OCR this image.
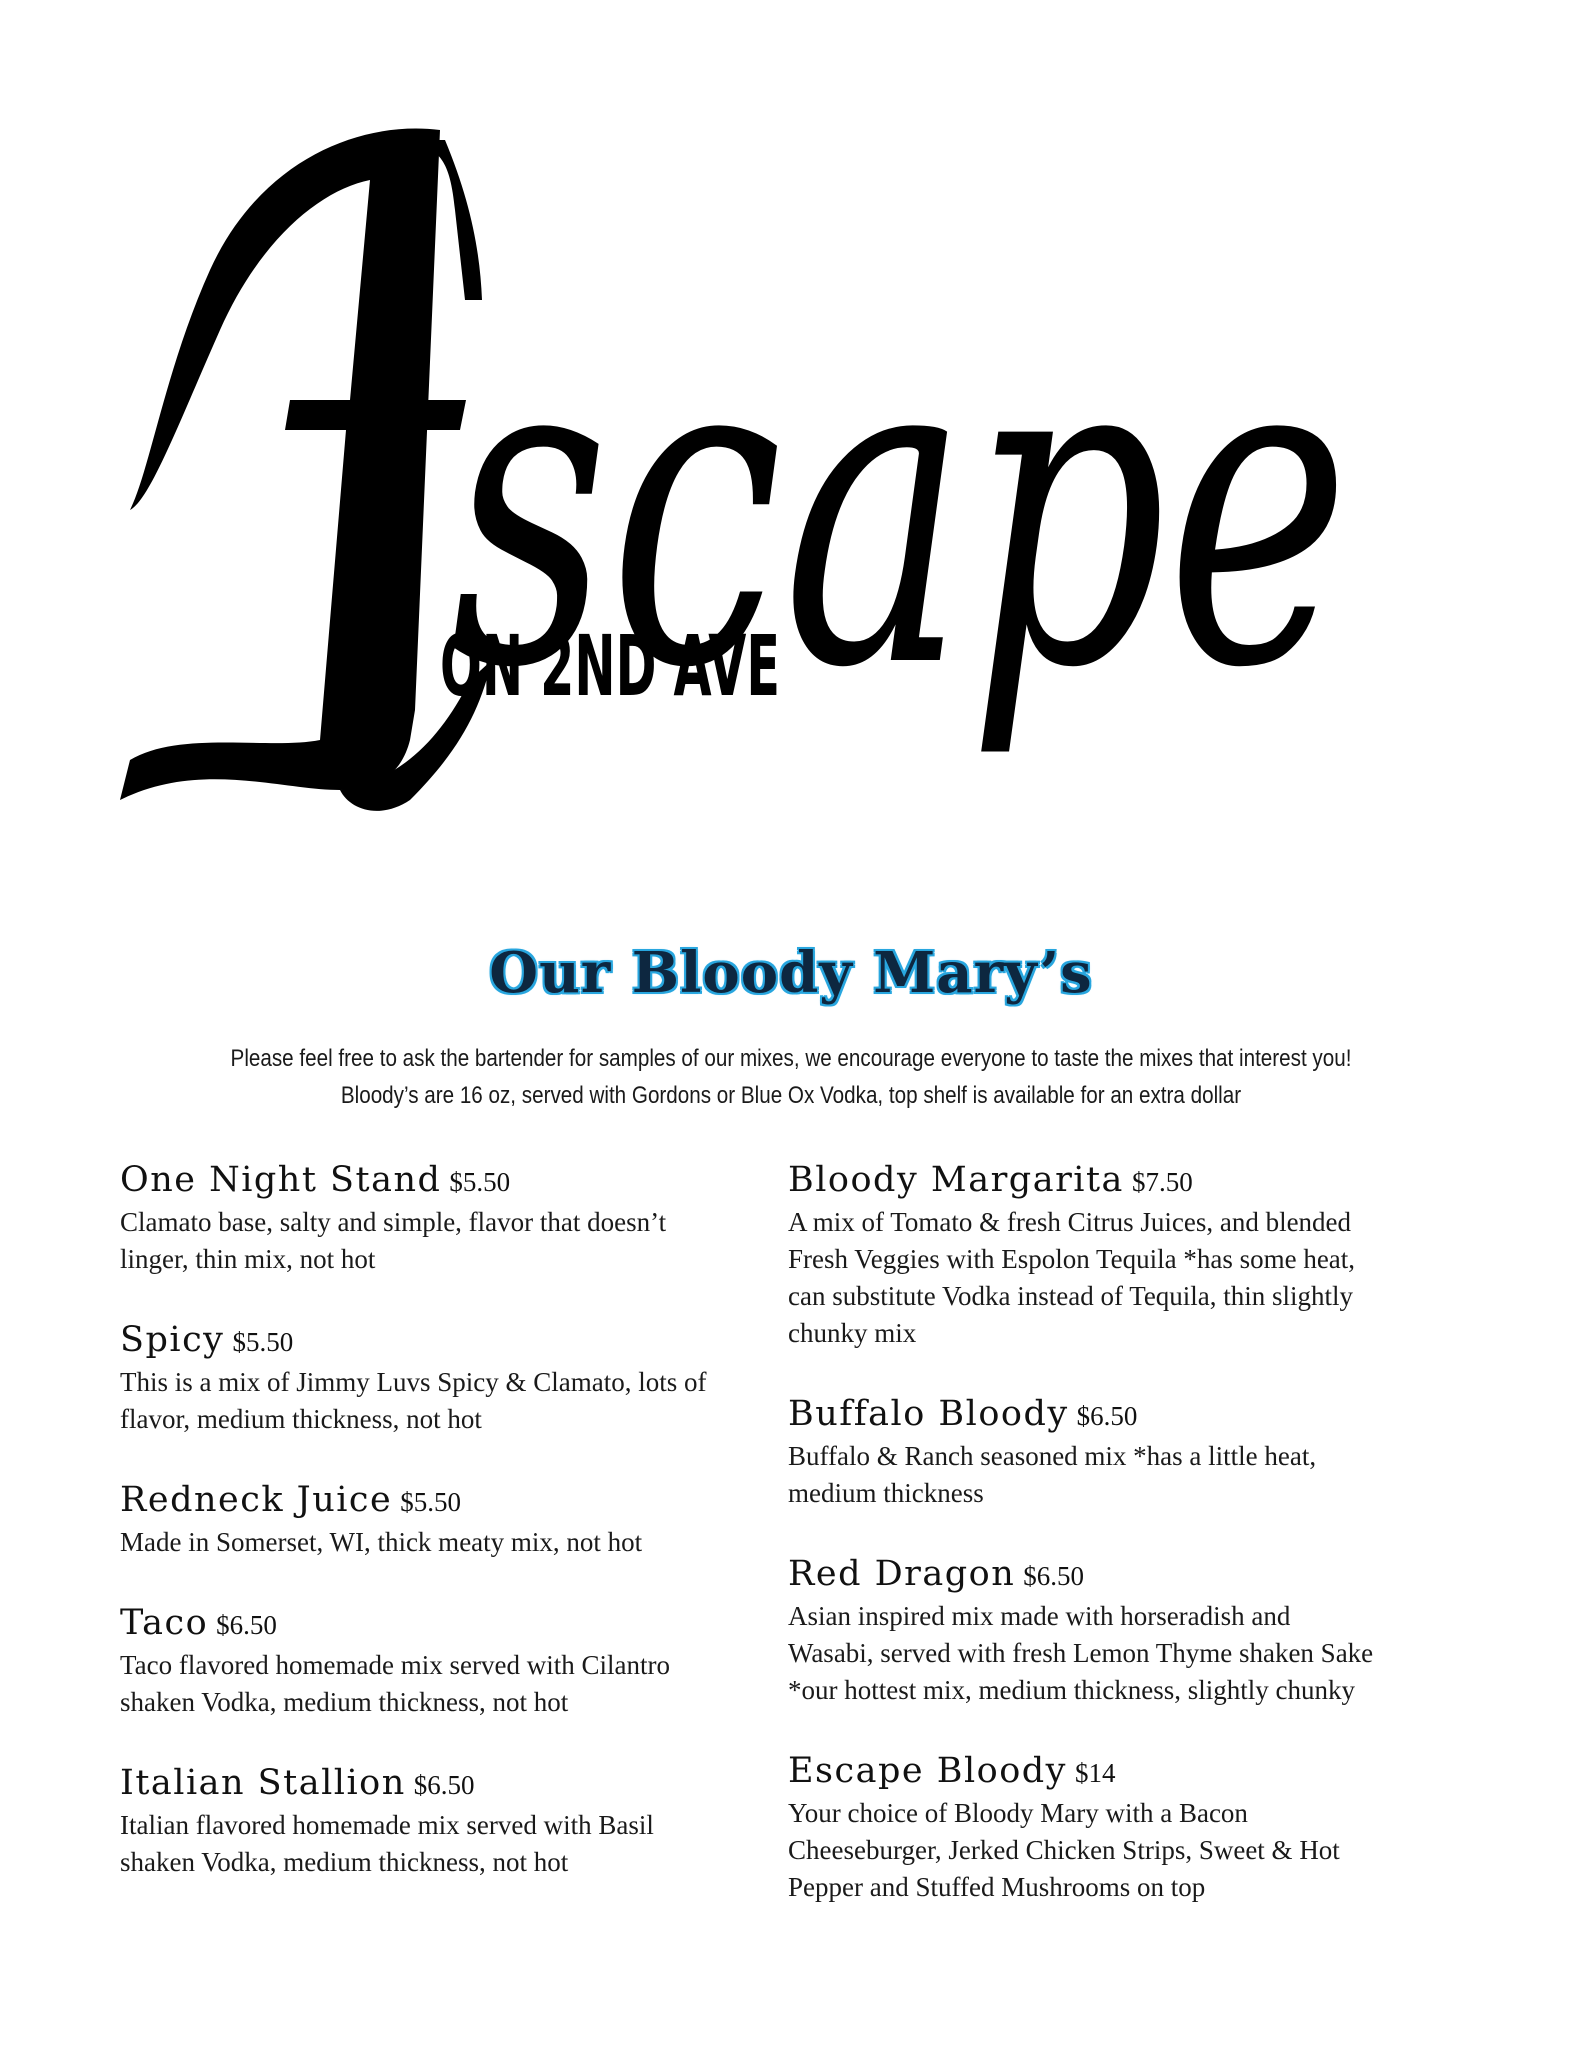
scape
ON 2ND AVE
Our Bloody Mary’s
Please feel free to ask the bartender for samples of our mixes, we encourage everyone to taste the mixes that interest you!
Bloody’s are 16 oz, served with Gordons or Blue Ox Vodka, top shelf is available for an extra dollar
One Night Stand $5.50
Clamato base, salty and simple, flavor that doesn’t
linger, thin mix, not hot
Spicy $5.50
This is a mix of Jimmy Luvs Spicy & Clamato, lots of
flavor, medium thickness, not hot
Redneck Juice $5.50
Made in Somerset, WI, thick meaty mix, not hot
Taco $6.50
Taco flavored homemade mix served with Cilantro
shaken Vodka, medium thickness, not hot
Italian Stallion $6.50
Italian flavored homemade mix served with Basil
shaken Vodka, medium thickness, not hot
Bloody Margarita $7.50
A mix of Tomato & fresh Citrus Juices, and blended
Fresh Veggies with Espolon Tequila *has some heat,
can substitute Vodka instead of Tequila, thin slightly
chunky mix
Buffalo Bloody $6.50
Buffalo & Ranch seasoned mix *has a little heat,
medium thickness
Red Dragon $6.50
Asian inspired mix made with horseradish and
Wasabi, served with fresh Lemon Thyme shaken Sake
*our hottest mix, medium thickness, slightly chunky
Escape Bloody $14
Your choice of Bloody Mary with a Bacon
Cheeseburger, Jerked Chicken Strips, Sweet & Hot
Pepper and Stuffed Mushrooms on top
